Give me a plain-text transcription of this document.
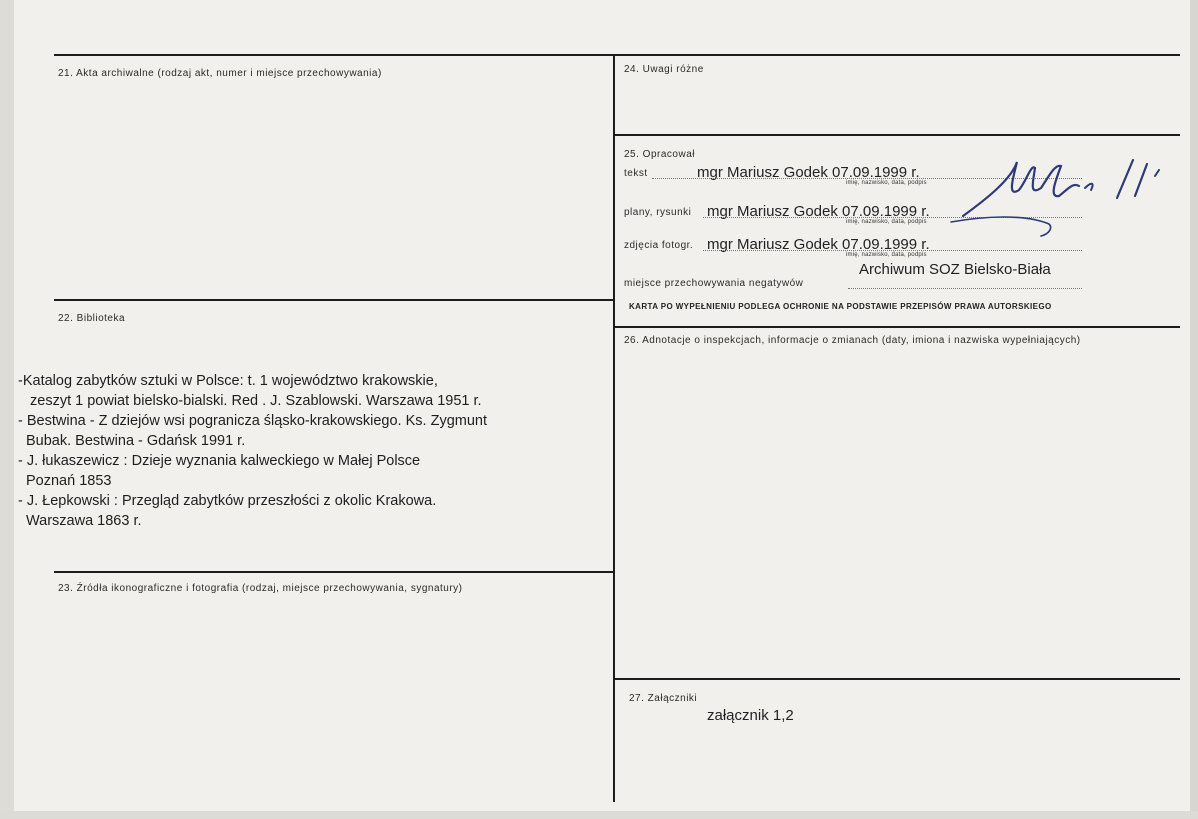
21. Akta archiwalne (rodzaj akt, numer i miejsce przechowywania)
22. Biblioteka
-Katalog zabytków sztuki w Polsce: t. 1 województwo krakowskie,
zeszyt 1 powiat bielsko-bialski. Red . J. Szablowski. Warszawa 1951 r.
- Bestwina - Z dziejów wsi pogranicza śląsko-krakowskiego. Ks. Zygmunt
Bubak. Bestwina - Gdańsk 1991 r.
- J. łukaszewicz : Dzieje wyznania kalweckiego w Małej Polsce
Poznań 1853
- J. Łepkowski : Przegląd zabytków przeszłości z okolic Krakowa.
Warszawa 1863 r.
23. Źródła ikonograficzne i fotografia (rodzaj, miejsce przechowywania, sygnatury)
24. Uwagi różne
25. Opracował
tekst	mgr Mariusz Godek 07.09.1999 r.
imię, nazwisko, data, podpis
plany, rysunki mgr Mariusz Godek 07.09.1999 r.
imię, nazwisko, data, podpis
zdjęcia fotogr. mgr Mariusz Godek 07.09.1999 r.
imię, nazwisko, data, podpis
miejsce przechowywania negatywów
Archiwum SOZ Bielsko-Biała
KARTA PO WYPEŁNIENIU PODLEGA OCHRONIE NA PODSTAWIE PRZEPISÓW PRAWA AUTORSKIEGO
26. Adnotacje o inspekcjach, informacje o zmianach (daty, imiona i nazwiska wypełniających)
27. Załączniki
załącznik 1,2
